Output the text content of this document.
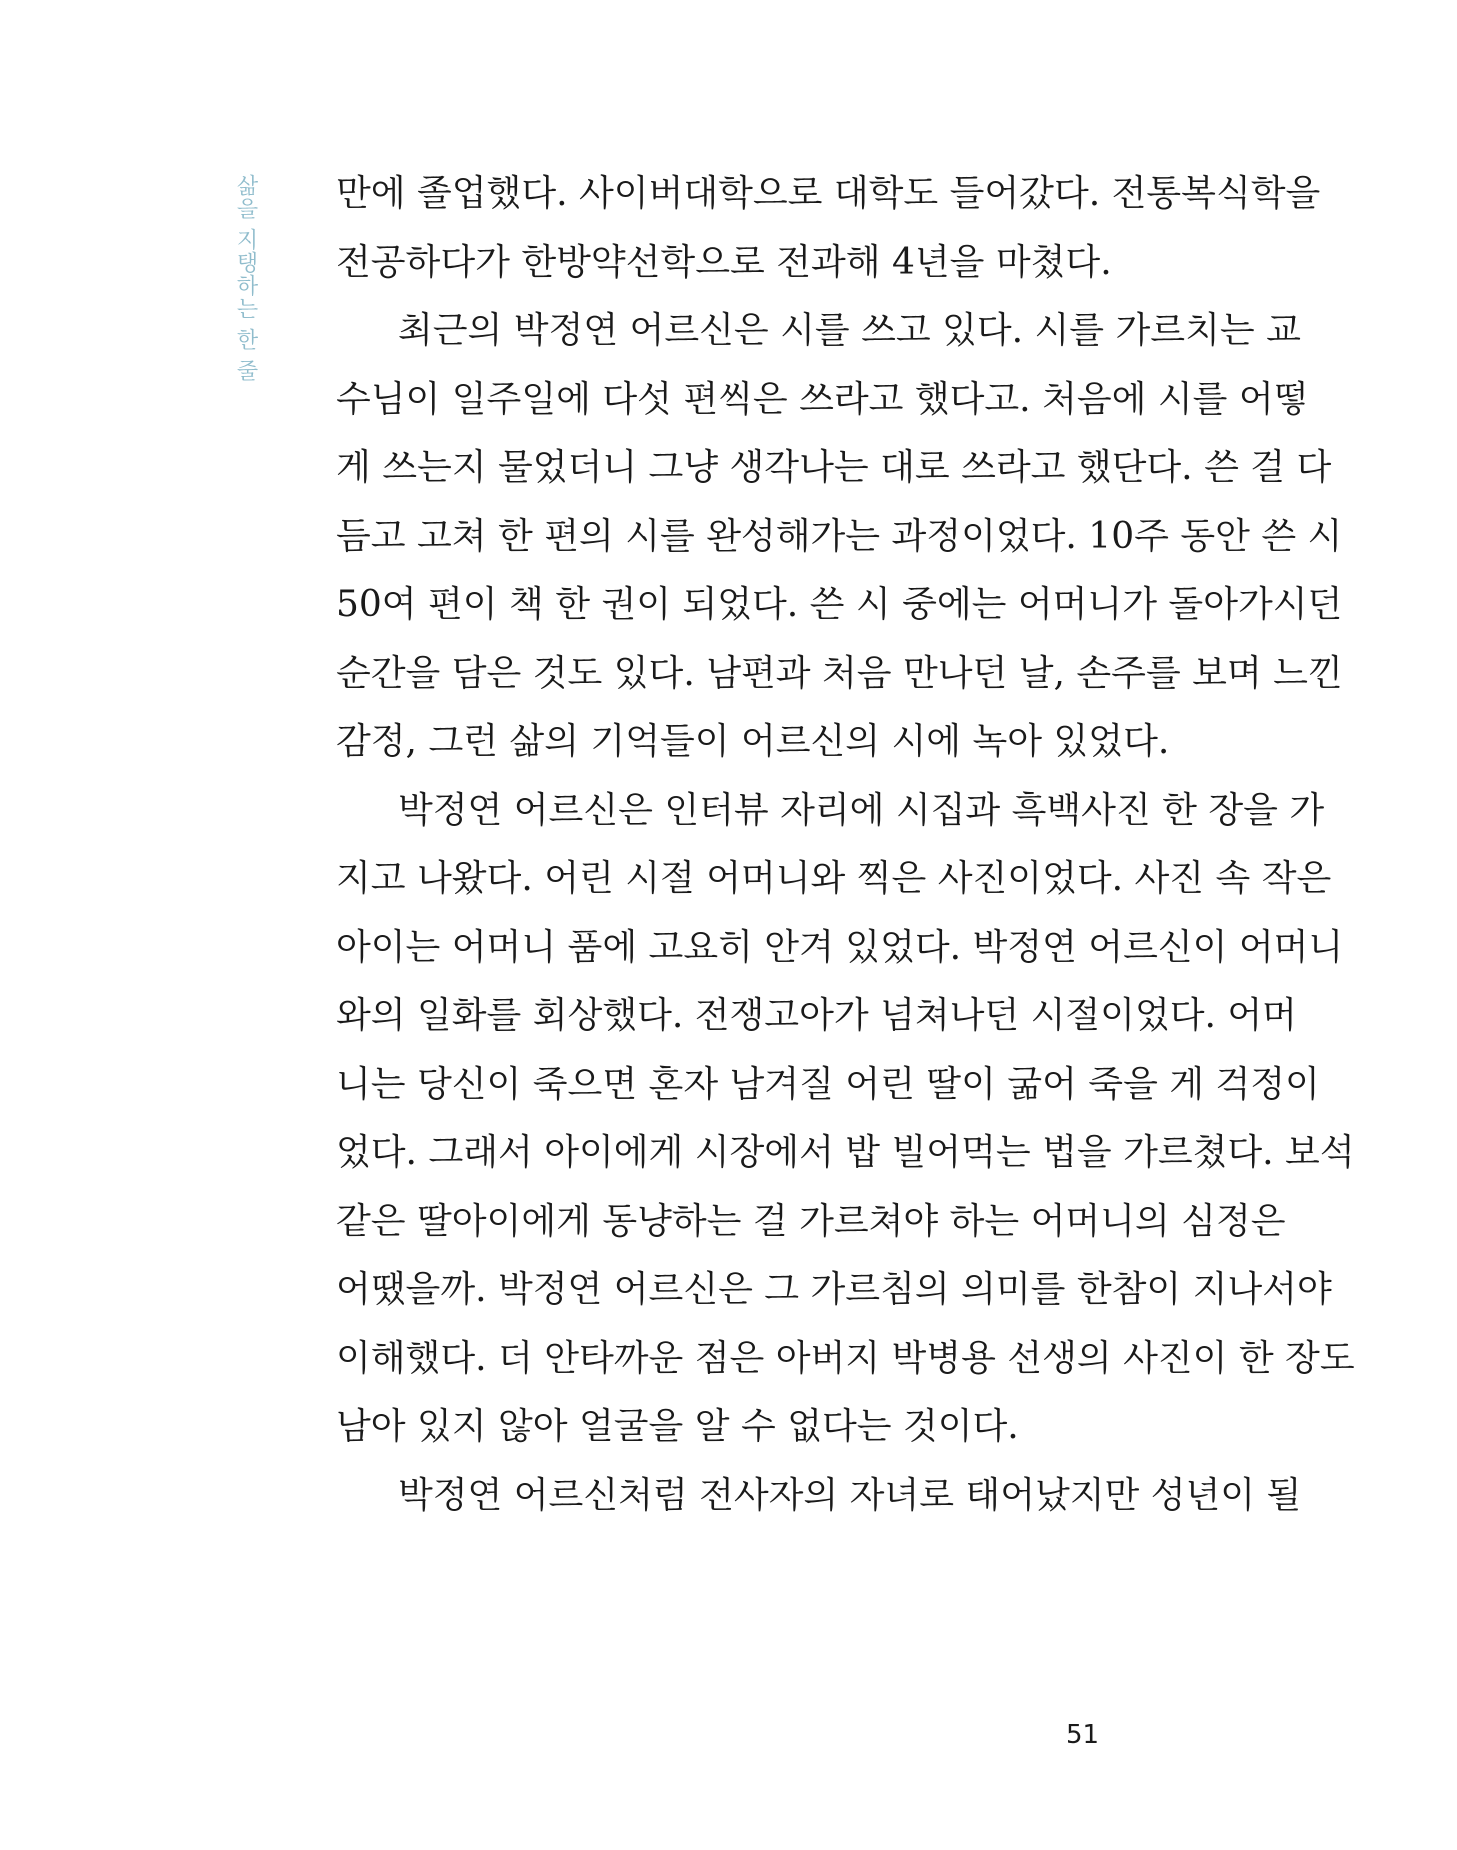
삶을 지탱하는 한 줄 만에 졸업했다. 사이버대학으로 대학도 들어갔다. 전통복식학을
전공하다가 한방약선학으로 전과해 4년을 마쳤다.
최근의 박정연 어르신은 시를 쓰고 있다. 시를 가르치는 교
수님이 일주일에 다섯 편씩은 쓰라고 했다고. 처음에 시를 어떻
게 쓰는지 물었더니 그냥 생각나는 대로 쓰라고 했단다. 쓴 걸 다
듬고 고쳐 한 편의 시를 완성해가는 과정이었다. 10주 동안 쓴 시
50여 편이 책 한 권이 되었다. 쓴 시 중에는 어머니가 돌아가시던
순간을 담은 것도 있다. 남편과 처음 만나던 날, 손주를 보며 느낀
감정, 그런 삶의 기억들이 어르신의 시에 녹아 있었다.
박정연 어르신은 인터뷰 자리에 시집과 흑백사진 한 장을 가
지고 나왔다. 어린 시절 어머니와 찍은 사진이었다. 사진 속 작은
아이는 어머니 품에 고요히 안겨 있었다. 박정연 어르신이 어머니
와의 일화를 회상했다. 전쟁고아가 넘쳐나던 시절이었다. 어머
니는 당신이 죽으면 혼자 남겨질 어린 딸이 굶어 죽을 게 걱정이
었다. 그래서 아이에게 시장에서 밥 빌어먹는 법을 가르쳤다. 보석
같은 딸아이에게 동냥하는 걸 가르쳐야 하는 어머니의 심정은
어땠을까. 박정연 어르신은 그 가르침의 의미를 한참이 지나서야
이해했다. 더 안타까운 점은 아버지 박병용 선생의 사진이 한 장도
남아 있지 않아 얼굴을 알 수 없다는 것이다.
박정연 어르신처럼 전사자의 자녀로 태어났지만 성년이 될
51
